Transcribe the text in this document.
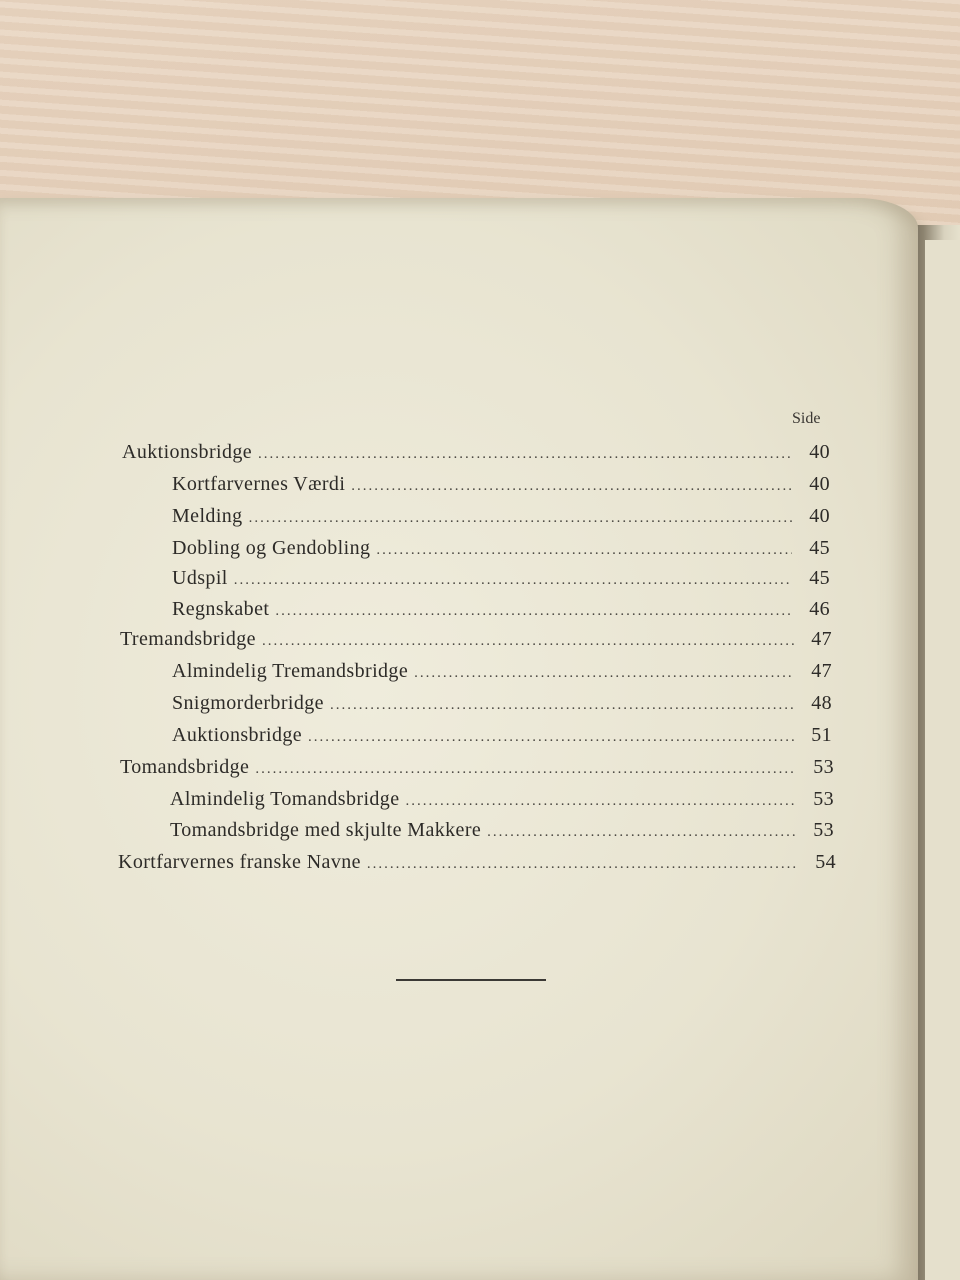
Side
Auktionsbridge .....	40
Kortfarvernes Værdi .....	40
Melding .....	40
Dobling og Gendobling .....	45
Udspil .....	45
Regnskabet .....	46
Tremandsbridge .....	47
Almindelig Tremandsbridge .....	47
Snigmorderbridge .....	48
Auktionsbridge .....	51
Tomandsbridge .....	53
Almindelig Tomandsbridge .....	53
Tomandsbridge med skjulte Makkere .....	53
Kortfarvernes franske Navne .....	54
